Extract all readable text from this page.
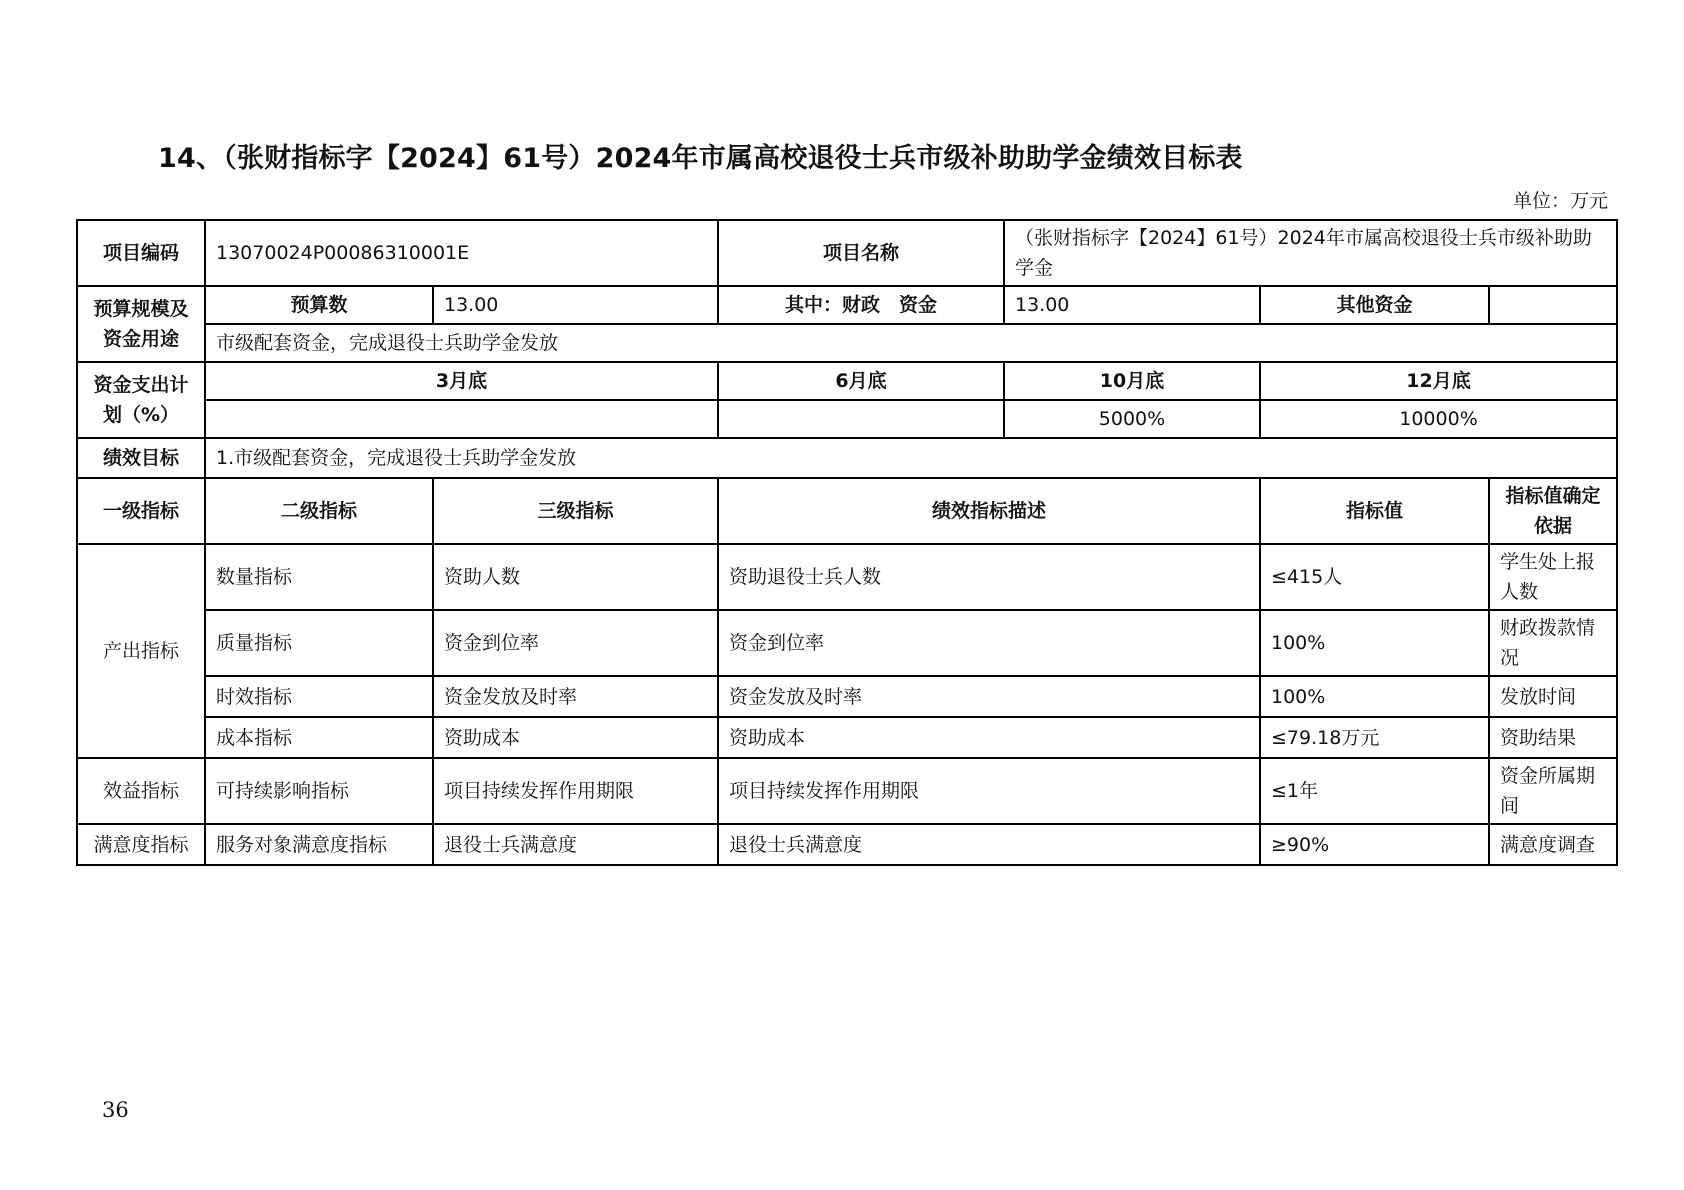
14、（张财指标字【2024】61号）2024年市属高校退役士兵市级补助助学金绩效目标表
单位：万元
项目编码	13070024P00086310001E		项目名称	（张财指标字【2024】61号）2024年市属高校退役士兵市级补助助学金		
预算规模及资金用途	预算数	13.00	其中：财政　资金	13.00	其他资金	
	市级配套资金，完成退役士兵助学金发放					
资金支出计划（%）	3月底		6月底	10月底	12月底	
				5000%	10000%	
绩效目标	1.市级配套资金，完成退役士兵助学金发放					
一级指标	二级指标	三级指标	绩效指标描述		指标值	指标值确定依据
产出指标	数量指标	资助人数	资助退役士兵人数		≤415人	学生处上报人数
	质量指标	资金到位率	资金到位率		100%	财政拨款情况
	时效指标	资金发放及时率	资金发放及时率		100%	发放时间
	成本指标	资助成本	资助成本		≤79.18万元	资助结果
效益指标	可持续影响指标	项目持续发挥作用期限	项目持续发挥作用期限		≤1年	资金所属期间
满意度指标	服务对象满意度指标	退役士兵满意度	退役士兵满意度		≥90%	满意度调查
36
